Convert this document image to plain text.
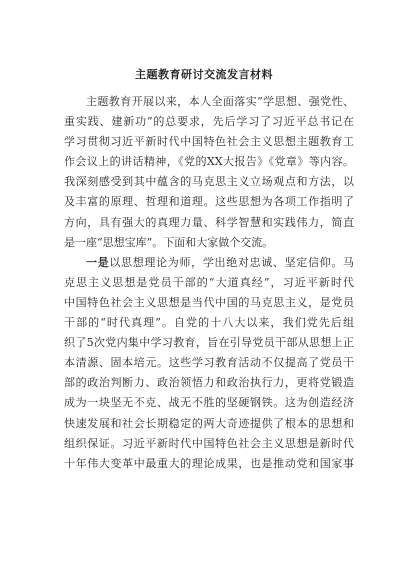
主题教育研讨交流发言材料
主题教育开展以来，本人全面落实”学思想、强党性、
重实践、建新功”的总要求，先后学习了习近平总书记在
学习贯彻习近平新时代中国特色社会主义思想主题教育工
作会议上的讲话精神，《党的XX大报告》《党章》等内容。
我深刻感受到其中蕴含的马克思主义立场观点和方法，以
及丰富的原理、哲理和道理。这些思想为各项工作指明了
方向，具有强大的真理力量、科学智慧和实践伟力，简直
是一座“思想宝库”。下面和大家做个交流。
一是以思想理论为师，学出绝对忠诚、坚定信仰。马
克思主义思想是党员干部的“大道真经”，习近平新时代
中国特色社会主义思想是当代中国的马克思主义，是党员
干部的“时代真理”。自党的十八大以来，我们党先后组
织了5次党内集中学习教育，旨在引导党员干部从思想上正
本清源、固本培元。这些学习教育活动不仅提高了党员干
部的政治判断力、政治领悟力和政治执行力，更将党锻造
成为一块坚无不克、战无不胜的坚硬钢铁。这为创造经济
快速发展和社会长期稳定的两大奇迹提供了根本的思想和
组织保证。习近平新时代中国特色社会主义思想是新时代
十年伟大变革中最重大的理论成果，也是推动党和国家事
